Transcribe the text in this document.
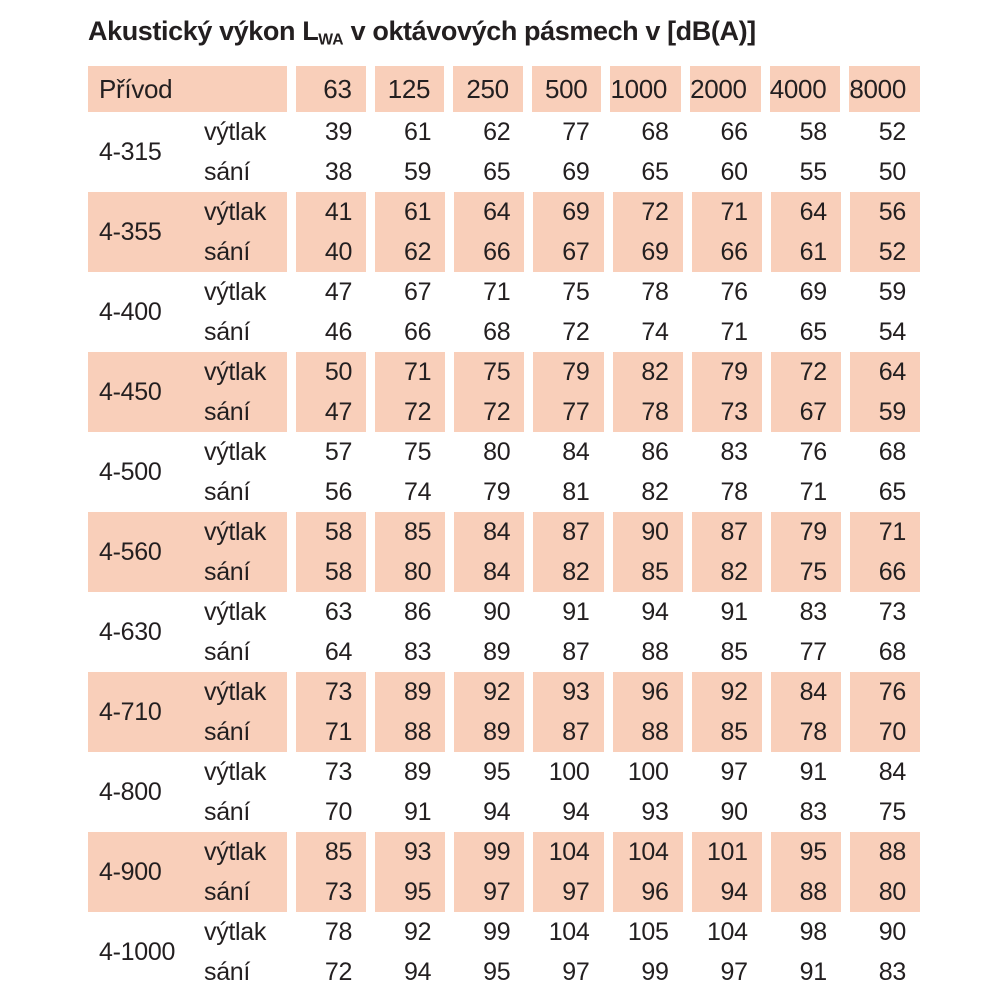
Akustický výkon $L_{WA}$ v oktávových pásmech v [dB(A)]
Přívod	63	125	250	500 1000 2000 4000 8000
4-315
výtlak	39	61	62	77	68	66	58	52
sání	38	59	65	69	65	60	55	50
4-355
výtlak	41	61	64	69	72	71	64	56
sání	40	62	66	67	69	66	61	52
4-400
výtlak	47	67	71	75	78	76	69	59
sání	46	66	68	72	74	71	65	54
4-450
výtlak	50	71	75	79	82	79	72	64
sání	47	72	72	77	78	73	67	59
4-500
výtlak	57	75	80	84	86	83	76	68
sání	56	74	79	81	82	78	71	65
4-560
výtlak	58	85	84	87	90	87	79	71
sání	58	80	84	82	85	82	75	66
4-630
výtlak	63	86	90	91	94	91	83	73
sání	64	83	89	87	88	85	77	68
4-710
výtlak	73	89	92	93	96	92	84	76
sání	71	88	89	87	88	85	78	70
4-800
výtlak	73	89	95	100	100	97	91	84
sání	70	91	94	94	93	90	83	75
4-900
výtlak	85	93	99	104	104	101	95	88
sání	73	95	97	97	96	94	88	80
4-1000
výtlak	78	92	99	104	105	104	98	90
sání	72	94	95	97	99	97	91	83
